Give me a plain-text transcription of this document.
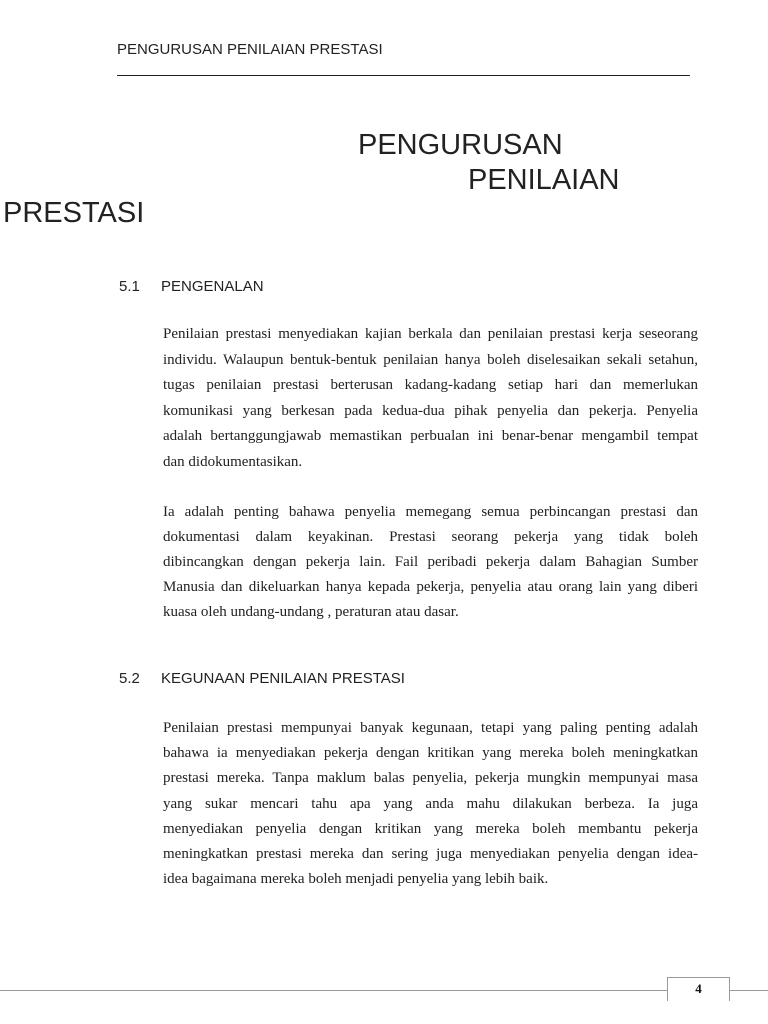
PENGURUSAN PENILAIAN PRESTASI
PENGURUSAN
PENILAIAN
PRESTASI
5.1 PENGENALAN
Penilaian prestasi menyediakan kajian berkala dan penilaian prestasi kerja seseorang
individu. Walaupun bentuk-bentuk penilaian hanya boleh diselesaikan sekali setahun,
tugas penilaian prestasi berterusan kadang-kadang setiap hari dan memerlukan
komunikasi yang berkesan pada kedua-dua pihak penyelia dan pekerja. Penyelia
adalah bertanggungjawab memastikan perbualan ini benar-benar mengambil tempat
dan didokumentasikan.
Ia adalah penting bahawa penyelia memegang semua perbincangan prestasi dan
dokumentasi dalam keyakinan. Prestasi seorang pekerja yang tidak boleh
dibincangkan dengan pekerja lain. Fail peribadi pekerja dalam Bahagian Sumber
Manusia dan dikeluarkan hanya kepada pekerja, penyelia atau orang lain yang diberi
kuasa oleh undang-undang , peraturan atau dasar.
5.2 KEGUNAAN PENILAIAN PRESTASI
Penilaian prestasi mempunyai banyak kegunaan, tetapi yang paling penting adalah
bahawa ia menyediakan pekerja dengan kritikan yang mereka boleh meningkatkan
prestasi mereka. Tanpa maklum balas penyelia, pekerja mungkin mempunyai masa
yang sukar mencari tahu apa yang anda mahu dilakukan berbeza. Ia juga
menyediakan penyelia dengan kritikan yang mereka boleh membantu pekerja
meningkatkan prestasi mereka dan sering juga menyediakan penyelia dengan idea-
idea bagaimana mereka boleh menjadi penyelia yang lebih baik.
4
